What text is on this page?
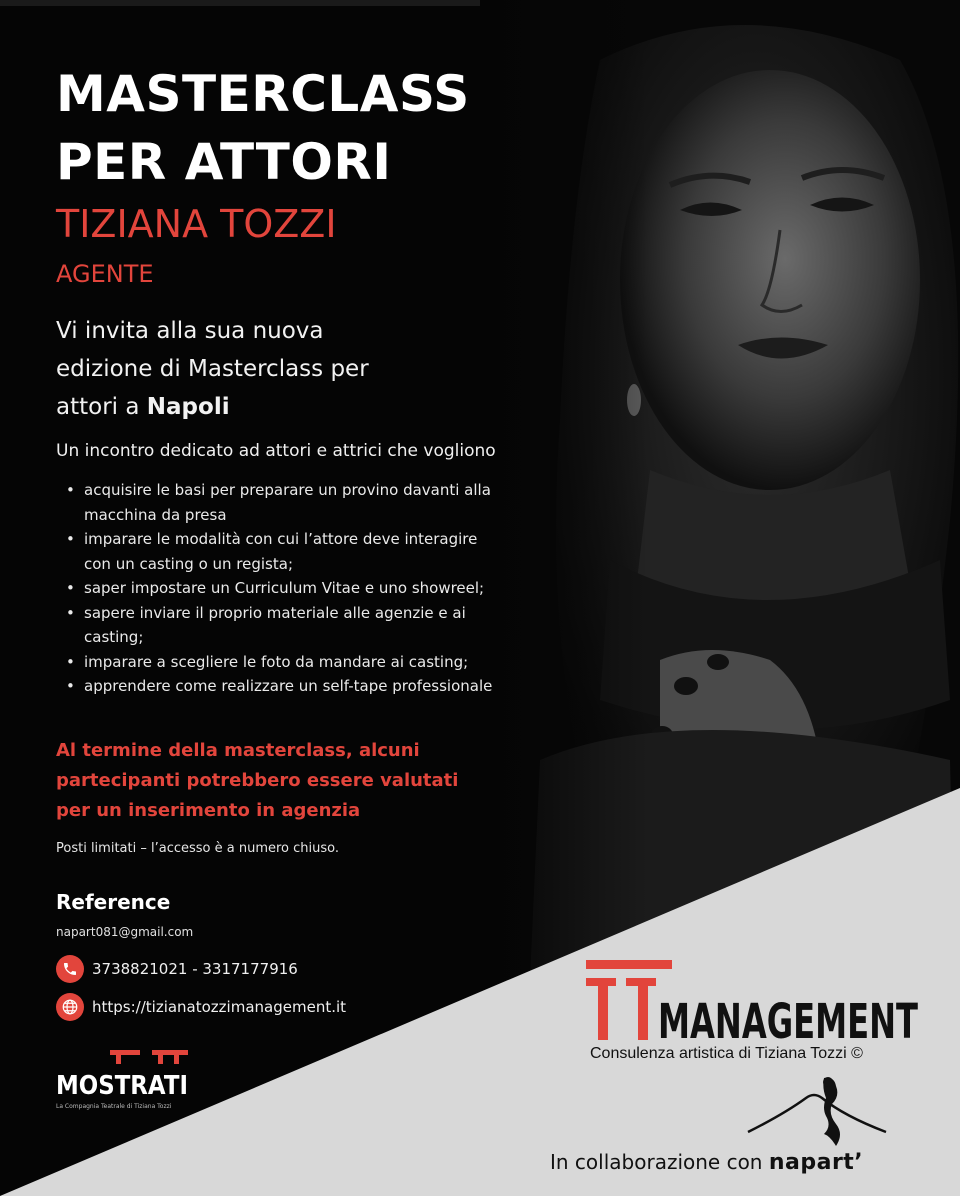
MASTERCLASS
PER ATTORI
TIZIANA TOZZI
AGENTE
Vi invita alla sua nuova edizione di Masterclass per attori a Napoli
Un incontro dedicato ad attori e attrici che vogliono
• acquisire le basi per preparare un provino davanti alla macchina da presa
• imparare le modalità con cui l’attore deve interagire con un casting o un regista;
• saper impostare un Curriculum Vitae e uno showreel;
• sapere inviare il proprio materiale alle agenzie e ai casting;
• imparare a scegliere le foto da mandare ai casting;
• apprendere come realizzare un self-tape professionale
Al termine della masterclass, alcuni partecipanti potrebbero essere valutati per un inserimento in agenzia
Posti limitati – l’accesso è a numero chiuso.
Reference
napart081@gmail.com
3738821021 - 3317177916
https://tizianatozzimanagement.it
MOSTRATI
La Compagnia Teatrale di Tiziana Tozzi
MANAGEMENT
Consulenza artistica di Tiziana Tozzi ©
In collaborazione con napart’
